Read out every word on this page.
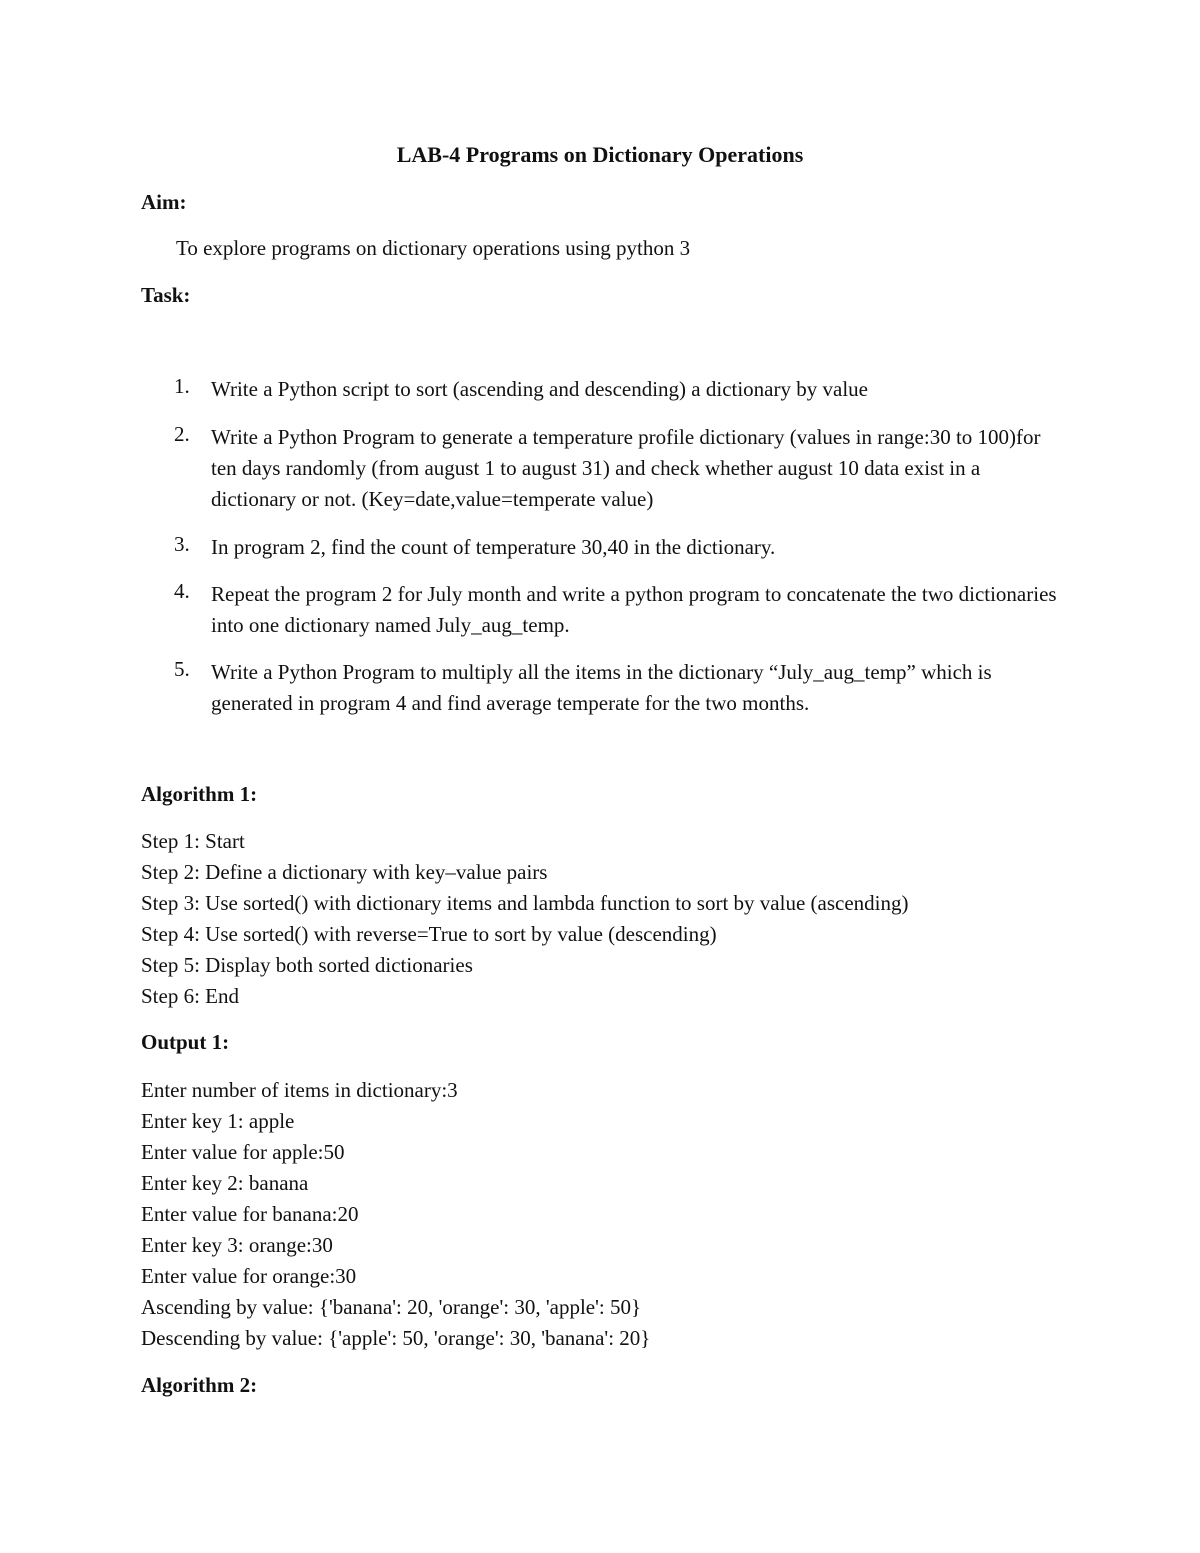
LAB-4 Programs on Dictionary Operations
Aim:
To explore programs on dictionary operations using python 3
Task:
1.	Write a Python script to sort (ascending and descending) a dictionary by value
2.	Write a Python Program to generate a temperature profile dictionary (values in range:30 to 100)for ten days randomly (from august 1 to august 31) and check whether august 10 data exist in a dictionary or not. (Key=date,value=temperate value)
3.	In program 2, find the count of temperature 30,40 in the dictionary.
4.	Repeat the program 2 for July month and write a python program to concatenate the two dictionaries into one dictionary named July_aug_temp.
5.	Write a Python Program to multiply all the items in the dictionary “July_aug_temp” which is generated in program 4 and find average temperate for the two months.
Algorithm 1:
Step 1: Start
Step 2: Define a dictionary with key–value pairs
Step 3: Use sorted() with dictionary items and lambda function to sort by value (ascending)
Step 4: Use sorted() with reverse=True to sort by value (descending)
Step 5: Display both sorted dictionaries
Step 6: End
Output 1:
Enter number of items in dictionary:3
Enter key 1: apple
Enter value for apple:50
Enter key 2: banana
Enter value for banana:20
Enter key 3: orange:30
Enter value for orange:30
Ascending by value: {'banana': 20, 'orange': 30, 'apple': 50}
Descending by value: {'apple': 50, 'orange': 30, 'banana': 20}
Algorithm 2:
